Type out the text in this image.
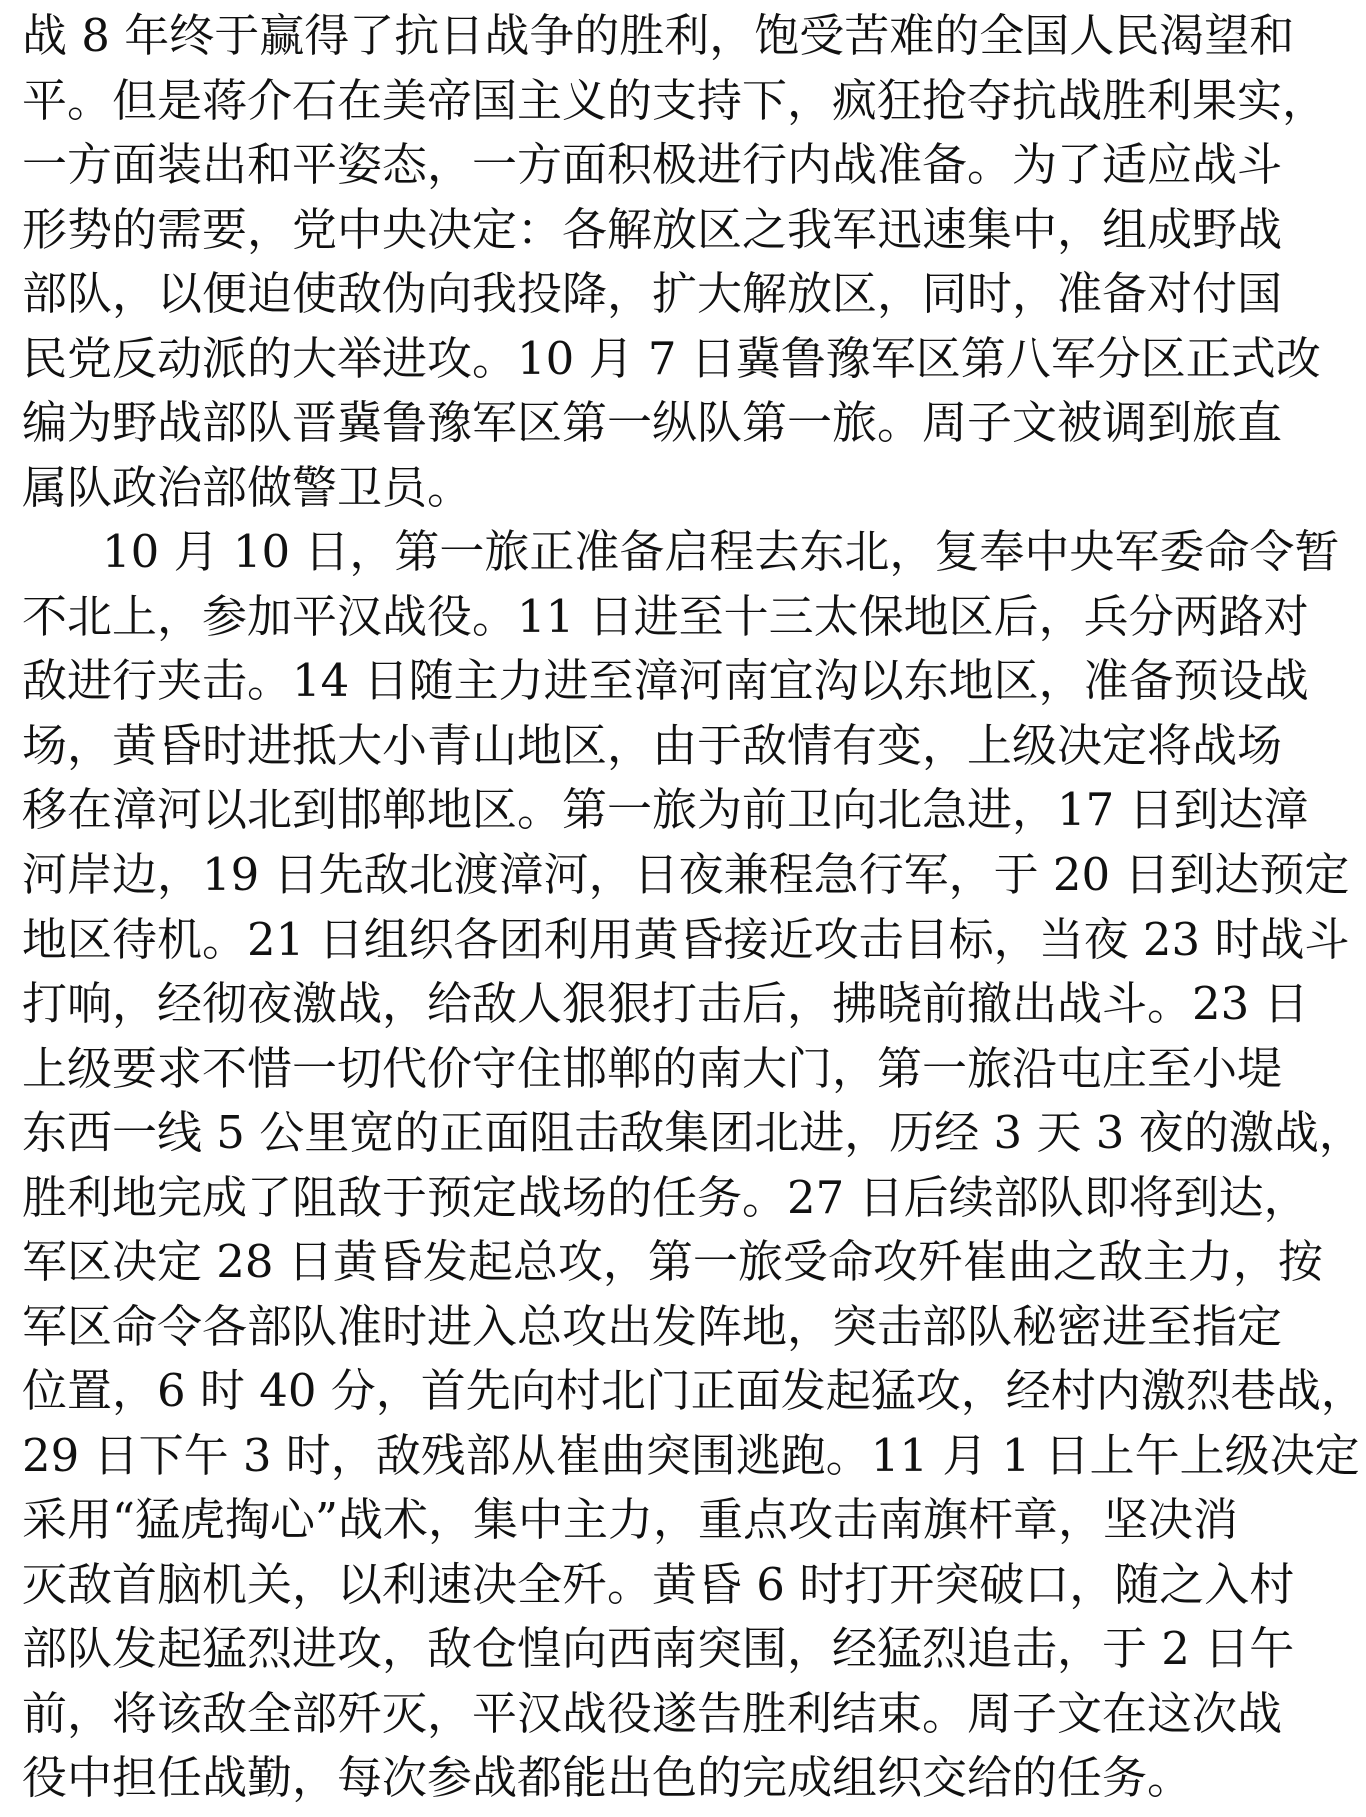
战 8 年终于赢得了抗日战争的胜利，饱受苦难的全国人民渴望和
平。但是蒋介石在美帝国主义的支持下，疯狂抢夺抗战胜利果实，
一方面装出和平姿态，一方面积极进行内战准备。为了适应战斗
形势的需要，党中央决定：各解放区之我军迅速集中，组成野战
部队，以便迫使敌伪向我投降，扩大解放区，同时，准备对付国
民党反动派的大举进攻。10 月 7 日冀鲁豫军区第八军分区正式改
编为野战部队晋冀鲁豫军区第一纵队第一旅。周子文被调到旅直
属队政治部做警卫员。
10 月 10 日，第一旅正准备启程去东北，复奉中央军委命令暂
不北上，参加平汉战役。11 日进至十三太保地区后，兵分两路对
敌进行夹击。14 日随主力进至漳河南宜沟以东地区，准备预设战
场，黄昏时进抵大小青山地区，由于敌情有变，上级决定将战场
移在漳河以北到邯郸地区。第一旅为前卫向北急进，17 日到达漳
河岸边，19 日先敌北渡漳河，日夜兼程急行军，于 20 日到达预定
地区待机。21 日组织各团利用黄昏接近攻击目标，当夜 23 时战斗
打响，经彻夜激战，给敌人狠狠打击后，拂晓前撤出战斗。23 日
上级要求不惜一切代价守住邯郸的南大门，第一旅沿屯庄至小堤
东西一线 5 公里宽的正面阻击敌集团北进，历经 3 天 3 夜的激战，
胜利地完成了阻敌于预定战场的任务。27 日后续部队即将到达，
军区决定 28 日黄昏发起总攻，第一旅受命攻歼崔曲之敌主力，按
军区命令各部队准时进入总攻出发阵地，突击部队秘密进至指定
位置，6 时 40 分，首先向村北门正面发起猛攻，经村内激烈巷战，
29 日下午 3 时，敌残部从崔曲突围逃跑。11 月 1 日上午上级决定
采用“猛虎掏心”战术，集中主力，重点攻击南旗杆章，坚决消
灭敌首脑机关，以利速决全歼。黄昏 6 时打开突破口，随之入村
部队发起猛烈进攻，敌仓惶向西南突围，经猛烈追击，于 2 日午
前，将该敌全部歼灭，平汉战役遂告胜利结束。周子文在这次战
役中担任战勤，每次参战都能出色的完成组织交给的任务。
